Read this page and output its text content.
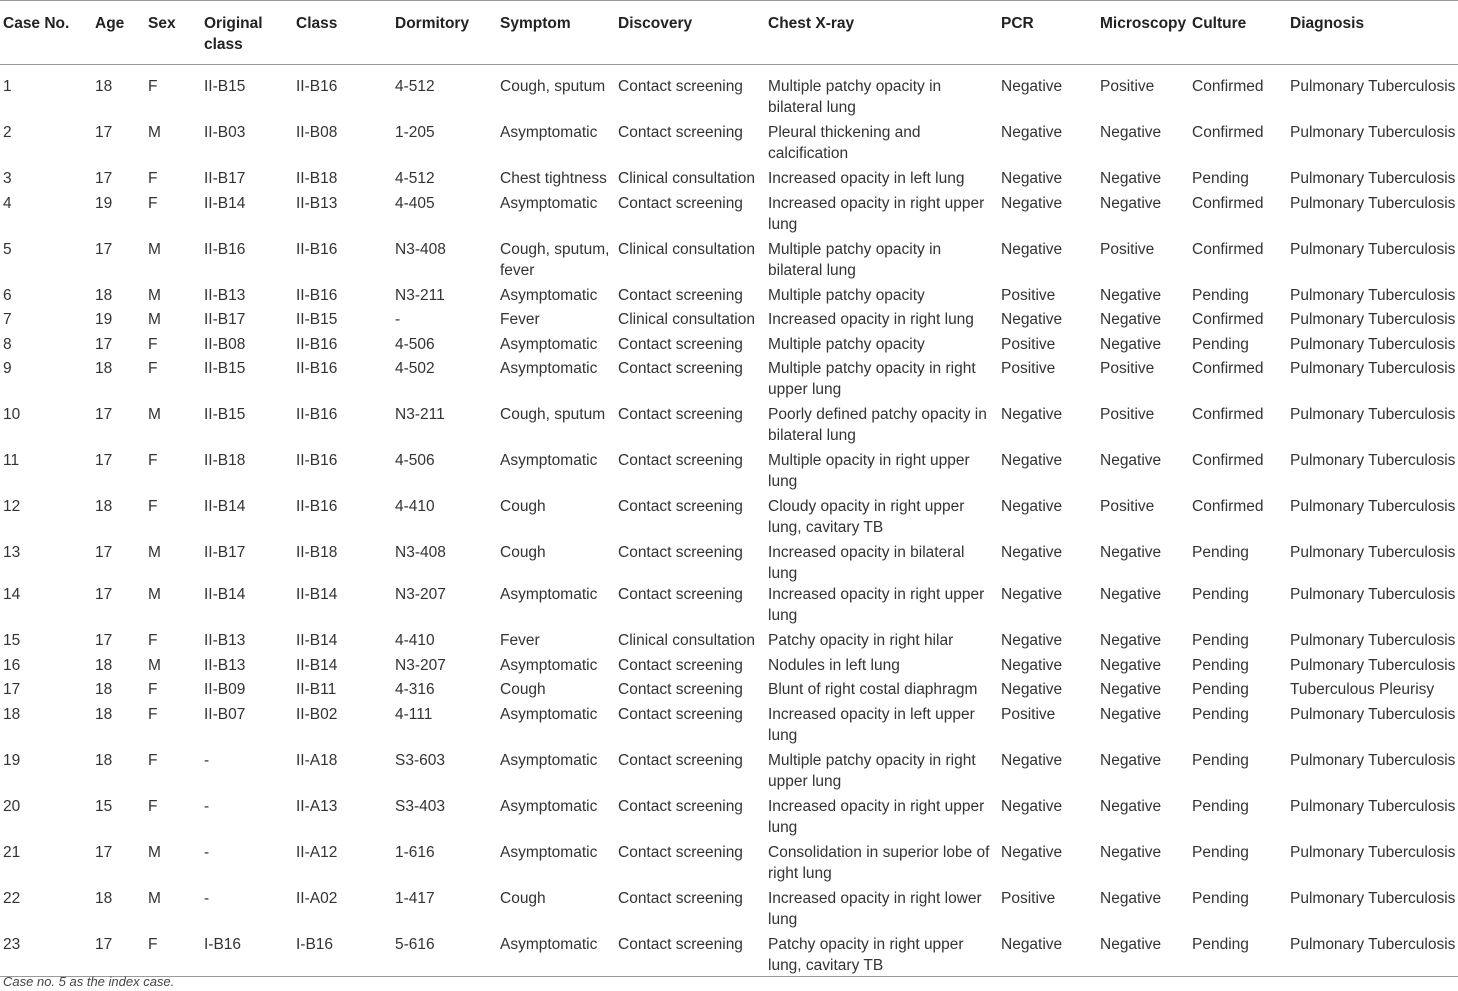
Case No.	Age	Sex	Original class	Class	Dormitory	Symptom	Discovery	Chest X-ray	PCR	Microscopy	Culture	Diagnosis
1	18	F	II-B15	II-B16	4-512	Cough, sputum	Contact screening	Multiple patchy opacity in bilateral lung	Negative	Positive	Confirmed	Pulmonary Tuberculosis
2	17	M	II-B03	II-B08	1-205	Asymptomatic	Contact screening	Pleural thickening and calcification	Negative	Negative	Confirmed	Pulmonary Tuberculosis
3	17	F	II-B17	II-B18	4-512	Chest tightness	Clinical consultation	Increased opacity in left lung	Negative	Negative	Pending	Pulmonary Tuberculosis
4	19	F	II-B14	II-B13	4-405	Asymptomatic	Contact screening	Increased opacity in right upper lung	Negative	Negative	Confirmed	Pulmonary Tuberculosis
5	17	M	II-B16	II-B16	N3-408	Cough, sputum, fever	Clinical consultation	Multiple patchy opacity in bilateral lung	Negative	Positive	Confirmed	Pulmonary Tuberculosis
6	18	M	II-B13	II-B16	N3-211	Asymptomatic	Contact screening	Multiple patchy opacity	Positive	Negative	Pending	Pulmonary Tuberculosis
7	19	M	II-B17	II-B15	-	Fever	Clinical consultation	Increased opacity in right lung	Negative	Negative	Confirmed	Pulmonary Tuberculosis
8	17	F	II-B08	II-B16	4-506	Asymptomatic	Contact screening	Multiple patchy opacity	Positive	Negative	Pending	Pulmonary Tuberculosis
9	18	F	II-B15	II-B16	4-502	Asymptomatic	Contact screening	Multiple patchy opacity in right upper lung	Positive	Positive	Confirmed	Pulmonary Tuberculosis
10	17	M	II-B15	II-B16	N3-211	Cough, sputum	Contact screening	Poorly defined patchy opacity in bilateral lung	Negative	Positive	Confirmed	Pulmonary Tuberculosis
11	17	F	II-B18	II-B16	4-506	Asymptomatic	Contact screening	Multiple opacity in right upper lung	Negative	Negative	Confirmed	Pulmonary Tuberculosis
12	18	F	II-B14	II-B16	4-410	Cough	Contact screening	Cloudy opacity in right upper lung, cavitary TB	Negative	Positive	Confirmed	Pulmonary Tuberculosis
13	17	M	II-B17	II-B18	N3-408	Cough	Contact screening	Increased opacity in bilateral lung	Negative	Negative	Pending	Pulmonary Tuberculosis
14	17	M	II-B14	II-B14	N3-207	Asymptomatic	Contact screening	Increased opacity in right upper lung	Negative	Negative	Pending	Pulmonary Tuberculosis
15	17	F	II-B13	II-B14	4-410	Fever	Clinical consultation	Patchy opacity in right hilar	Negative	Negative	Pending	Pulmonary Tuberculosis
16	18	M	II-B13	II-B14	N3-207	Asymptomatic	Contact screening	Nodules in left lung	Negative	Negative	Pending	Pulmonary Tuberculosis
17	18	F	II-B09	II-B11	4-316	Cough	Contact screening	Blunt of right costal diaphragm	Negative	Negative	Pending	Tuberculous Pleurisy
18	18	F	II-B07	II-B02	4-111	Asymptomatic	Contact screening	Increased opacity in left upper lung	Positive	Negative	Pending	Pulmonary Tuberculosis
19	18	F	-	II-A18	S3-603	Asymptomatic	Contact screening	Multiple patchy opacity in right upper lung	Negative	Negative	Pending	Pulmonary Tuberculosis
20	15	F	-	II-A13	S3-403	Asymptomatic	Contact screening	Increased opacity in right upper lung	Negative	Negative	Pending	Pulmonary Tuberculosis
21	17	M	-	II-A12	1-616	Asymptomatic	Contact screening	Consolidation in superior lobe of right lung	Negative	Negative	Pending	Pulmonary Tuberculosis
22	18	M	-	II-A02	1-417	Cough	Contact screening	Increased opacity in right lower lung	Positive	Negative	Pending	Pulmonary Tuberculosis
23	17	F	I-B16	I-B16	5-616	Asymptomatic	Contact screening	Patchy opacity in right upper lung, cavitary TB	Negative	Negative	Pending	Pulmonary Tuberculosis

Case no. 5 as the index case.
